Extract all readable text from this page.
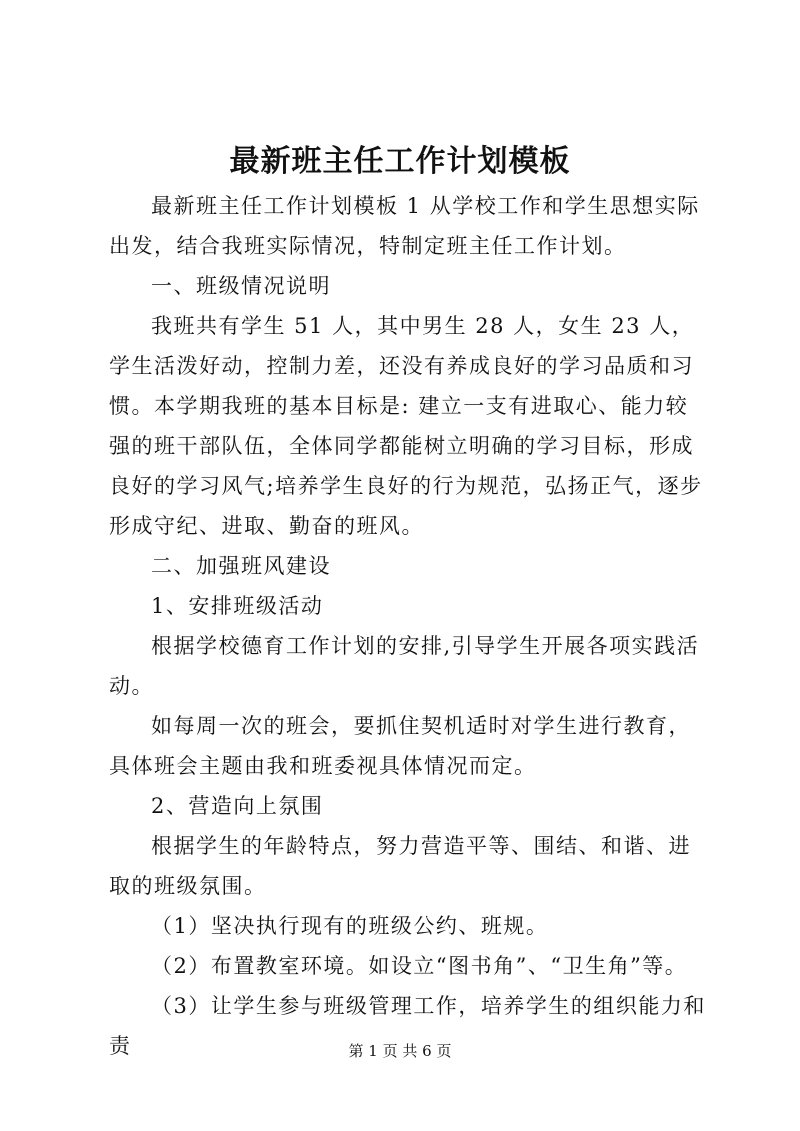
最新班主任工作计划模板

最新班主任工作计划模板 1 从学校工作和学生思想实际出发，结合我班实际情况，特制定班主任工作计划。

一、班级情况说明

我班共有学生 51 人，其中男生 28 人，女生 23 人，学生活泼好动，控制力差，还没有养成良好的学习品质和习惯。本学期我班的基本目标是: 建立一支有进取心、能力较强的班干部队伍，全体同学都能树立明确的学习目标，形成良好的学习风气;培养学生良好的行为规范，弘扬正气，逐步形成守纪、进取、勤奋的班风。

二、加强班风建设

1、安排班级活动

根据学校德育工作计划的安排,引导学生开展各项实践活动。

如每周一次的班会，要抓住契机适时对学生进行教育，具体班会主题由我和班委视具体情况而定。

2、营造向上氛围

根据学生的年龄特点，努力营造平等、围结、和谐、进取的班级氛围。

（1）坚决执行现有的班级公约、班规。

（2）布置教室环境。如设立“图书角”、“卫生角”等。

（3）让学生参与班级管理工作，培养学生的组织能力和责	第 1 页 共 6 页
